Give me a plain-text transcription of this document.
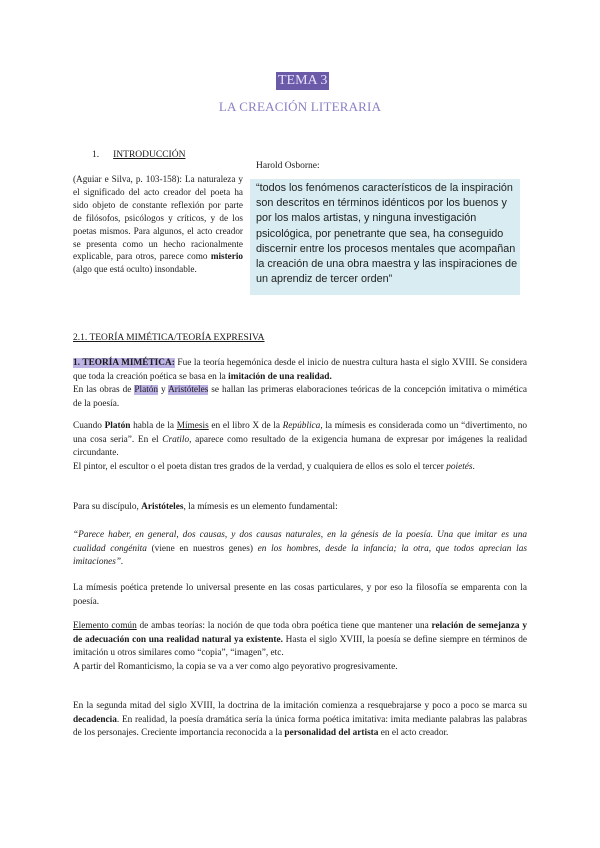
TEMA 3
LA CREACIÓN LITERARIA
1. INTRODUCCIÓN
(Aguiar e Silva, p. 103-158): La naturaleza y el significado del acto creador del poeta ha sido objeto de constante reflexión por parte de filósofos, psicólogos y críticos, y de los poetas mismos. Para algunos, el acto creador se presenta como un hecho racionalmente explicable, para otros, parece como misterio (algo que está oculto) insondable.
Harold Osborne:
“todos los fenómenos característicos de la inspiración son descritos en términos idénticos por los buenos y por los malos artistas, y ninguna investigación psicológica, por penetrante que sea, ha conseguido discernir entre los procesos mentales que acompañan la creación de una obra maestra y las inspiraciones de un aprendiz de tercer orden”
2.1. TEORÍA MIMÉTICA/TEORÍA EXPRESIVA
1. TEORÍA MIMÉTICA: Fue la teoría hegemónica desde el inicio de nuestra cultura hasta el siglo XVIII. Se considera que toda la creación poética se basa en la imitación de una realidad.
En las obras de Platón y Aristóteles se hallan las primeras elaboraciones teóricas de la concepción imitativa o mimética de la poesía.
Cuando Platón habla de la Mímesis en el libro X de la República, la mímesis es considerada como un “divertimento, no una cosa seria”. En el Cratilo, aparece como resultado de la exigencia humana de expresar por imágenes la realidad circundante.
El pintor, el escultor o el poeta distan tres grados de la verdad, y cualquiera de ellos es solo el tercer poietés.
Para su discípulo, Aristóteles, la mímesis es un elemento fundamental:
“Parece haber, en general, dos causas, y dos causas naturales, en la génesis de la poesía. Una que imitar es una cualidad congénita (viene en nuestros genes) en los hombres, desde la infancia; la otra, que todos aprecian las imitaciones”.
La mímesis poética pretende lo universal presente en las cosas particulares, y por eso la filosofía se emparenta con la poesía.
Elemento común de ambas teorías: la noción de que toda obra poética tiene que mantener una relación de semejanza y de adecuación con una realidad natural ya existente. Hasta el siglo XVIII, la poesía se define siempre en términos de imitación u otros similares como “copia”, “imagen”, etc.
A partir del Romanticismo, la copia se va a ver como algo peyorativo progresivamente.
En la segunda mitad del siglo XVIII, la doctrina de la imitación comienza a resquebrajarse y poco a poco se marca su decadencia. En realidad, la poesía dramática sería la única forma poética imitativa: imita mediante palabras las palabras de los personajes. Creciente importancia reconocida a la personalidad del artista en el acto creador.
